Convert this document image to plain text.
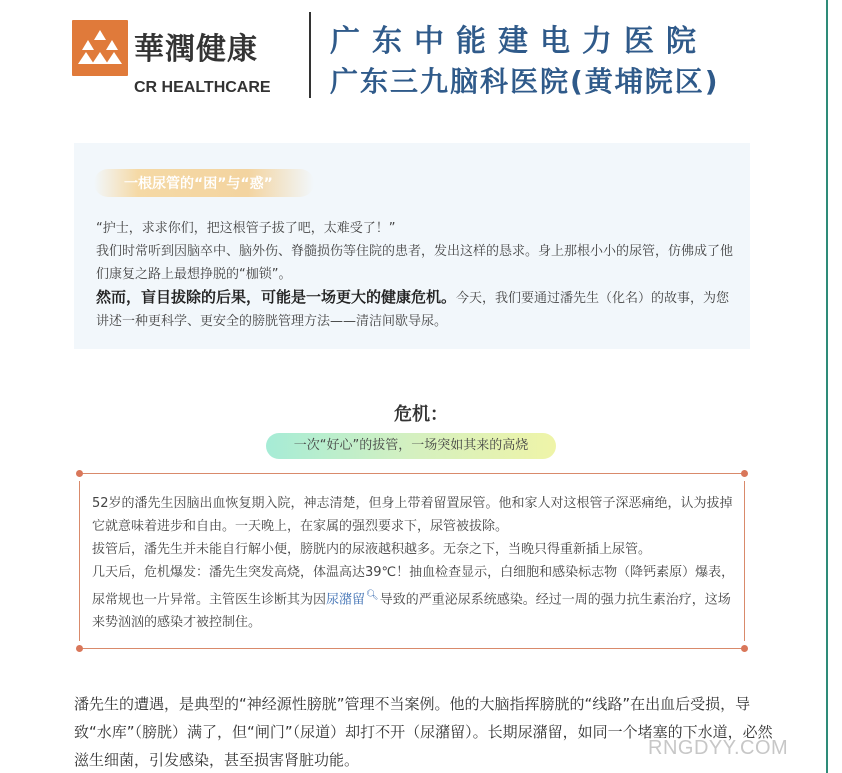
華潤健康
CR HEALTHCARE
广东中能建电力医院
广东三九脑科医院(黄埔院区)
一根尿管的“困”与“惑”

“护士，求求你们，把这根管子拔了吧，太难受了！”

我们时常听到因脑卒中、脑外伤、脊髓损伤等住院的患者，发出这样的恳求。身上那根小小的尿管，仿佛成了他们康复之路上最想挣脱的“枷锁”。

然而，盲目拔除的后果，可能是一场更大的健康危机。今天，我们要通过潘先生（化名）的故事，为您讲述一种更科学、更安全的膀胱管理方法——清洁间歇导尿。

危机：
一次“好心”的拔管，一场突如其来的高烧

52岁的潘先生因脑出血恢复期入院，神志清楚，但身上带着留置尿管。他和家人对这根管子深恶痛绝，认为拔掉它就意味着进步和自由。一天晚上，在家属的强烈要求下，尿管被拔除。

拔管后，潘先生并未能自行解小便，膀胱内的尿液越积越多。无奈之下，当晚只得重新插上尿管。

几天后，危机爆发：潘先生突发高烧，体温高达39℃！抽血检查显示，白细胞和感染标志物（降钙素原）爆表，尿常规也一片异常。主管医生诊断其为因尿潴留🔍︎导致的严重泌尿系统感染。经过一周的强力抗生素治疗，这场来势汹汹的感染才被控制住。

潘先生的遭遇，是典型的“神经源性膀胱”管理不当案例。他的大脑指挥膀胱的“线路”在出血后受损，导致“水库”（膀胱）满了，但“闸门”（尿道）却打不开（尿潴留）。长期尿潴留，如同一个堵塞的下水道，必然滋生细菌，引发感染，甚至损害肾脏功能。

RNGDYY.COM
